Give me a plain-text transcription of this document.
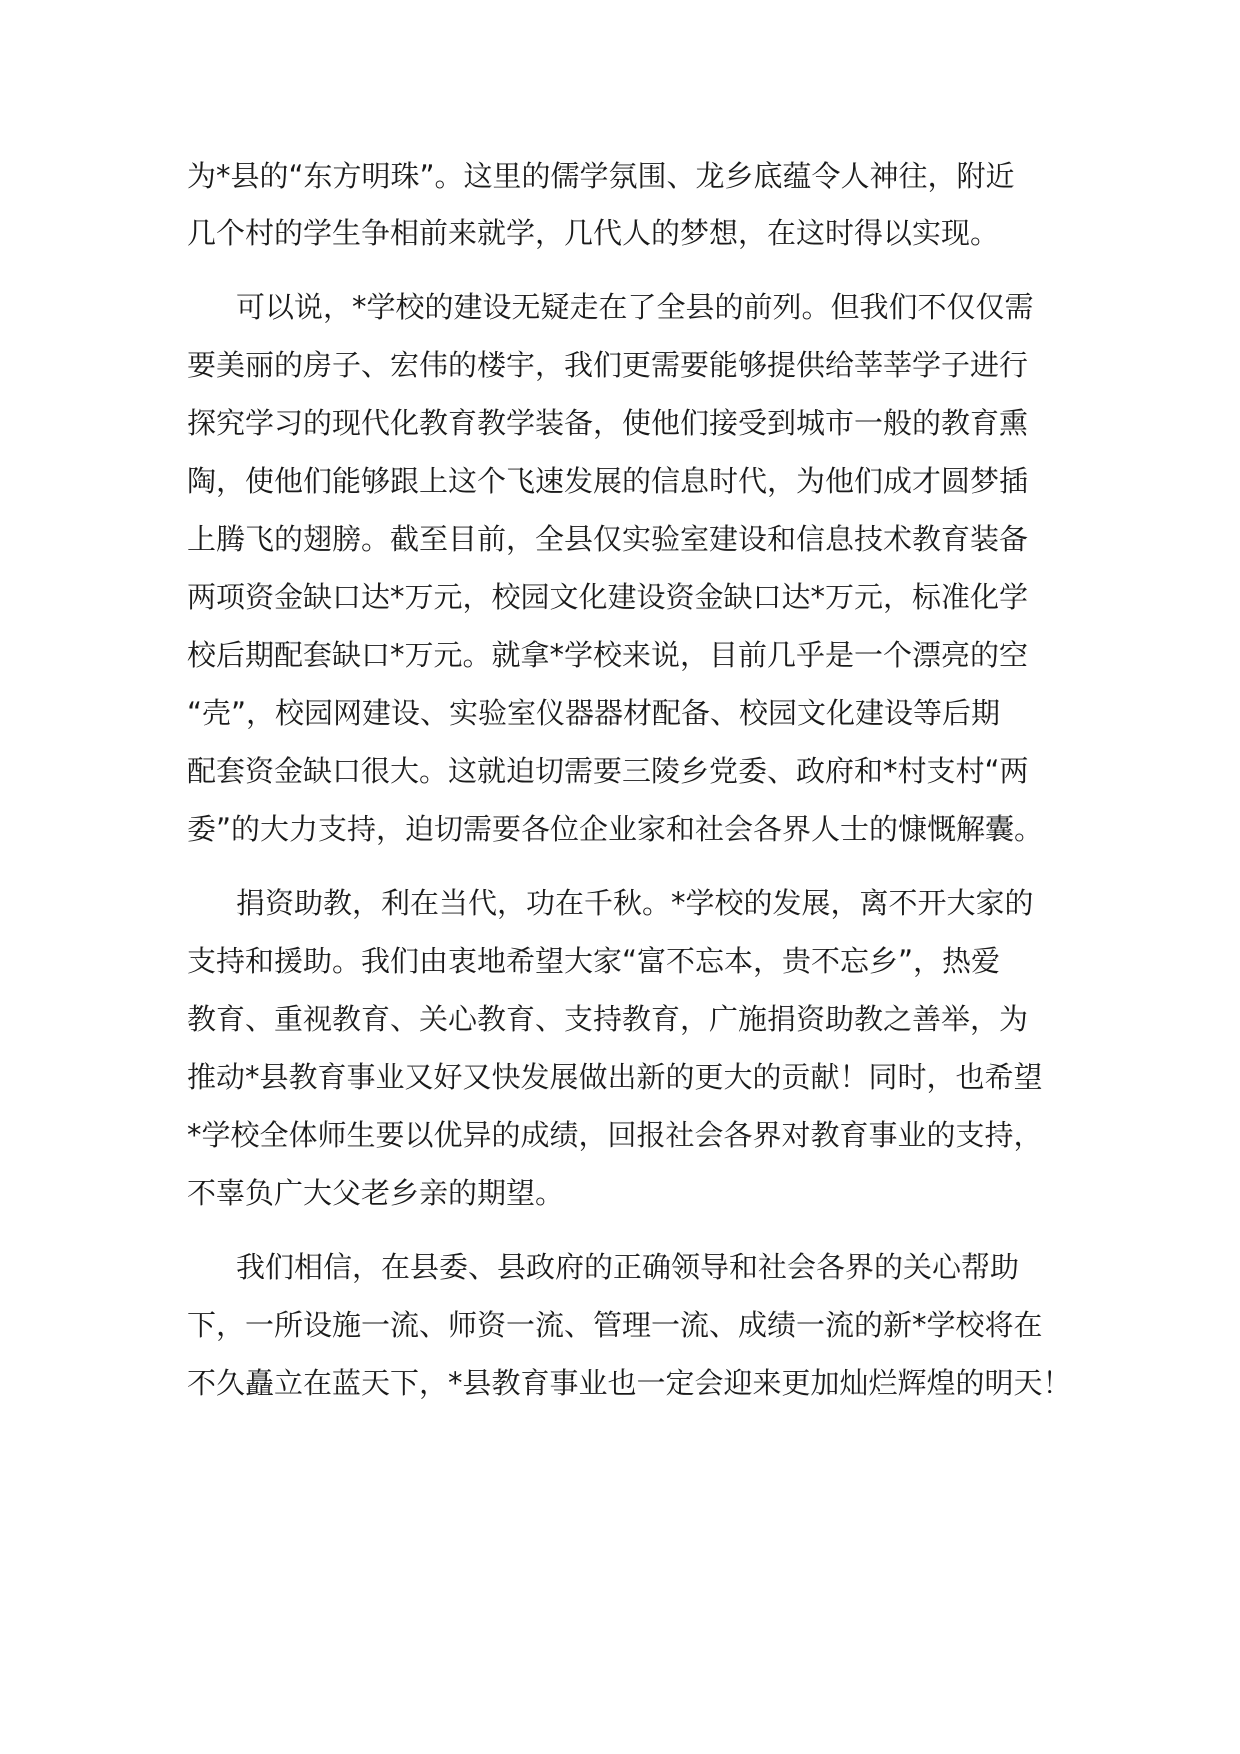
为*县的“东方明珠”。这里的儒学氛围、龙乡底蕴令人神往，附近
几个村的学生争相前来就学，几代人的梦想，在这时得以实现。
可以说，*学校的建设无疑走在了全县的前列。但我们不仅仅需
要美丽的房子、宏伟的楼宇，我们更需要能够提供给莘莘学子进行
探究学习的现代化教育教学装备，使他们接受到城市一般的教育熏
陶，使他们能够跟上这个飞速发展的信息时代，为他们成才圆梦插
上腾飞的翅膀。截至目前，全县仅实验室建设和信息技术教育装备
两项资金缺口达*万元，校园文化建设资金缺口达*万元，标准化学
校后期配套缺口*万元。就拿*学校来说，目前几乎是一个漂亮的空
“壳”，校园网建设、实验室仪器器材配备、校园文化建设等后期
配套资金缺口很大。这就迫切需要三陵乡党委、政府和*村支村“两
委”的大力支持，迫切需要各位企业家和社会各界人士的慷慨解囊。
捐资助教，利在当代，功在千秋。*学校的发展，离不开大家的
支持和援助。我们由衷地希望大家“富不忘本，贵不忘乡”，热爱
教育、重视教育、关心教育、支持教育，广施捐资助教之善举，为
推动*县教育事业又好又快发展做出新的更大的贡献！同时，也希望
*学校全体师生要以优异的成绩，回报社会各界对教育事业的支持，
不辜负广大父老乡亲的期望。
我们相信，在县委、县政府的正确领导和社会各界的关心帮助
下，一所设施一流、师资一流、管理一流、成绩一流的新*学校将在
不久矗立在蓝天下，*县教育事业也一定会迎来更加灿烂辉煌的明天！
